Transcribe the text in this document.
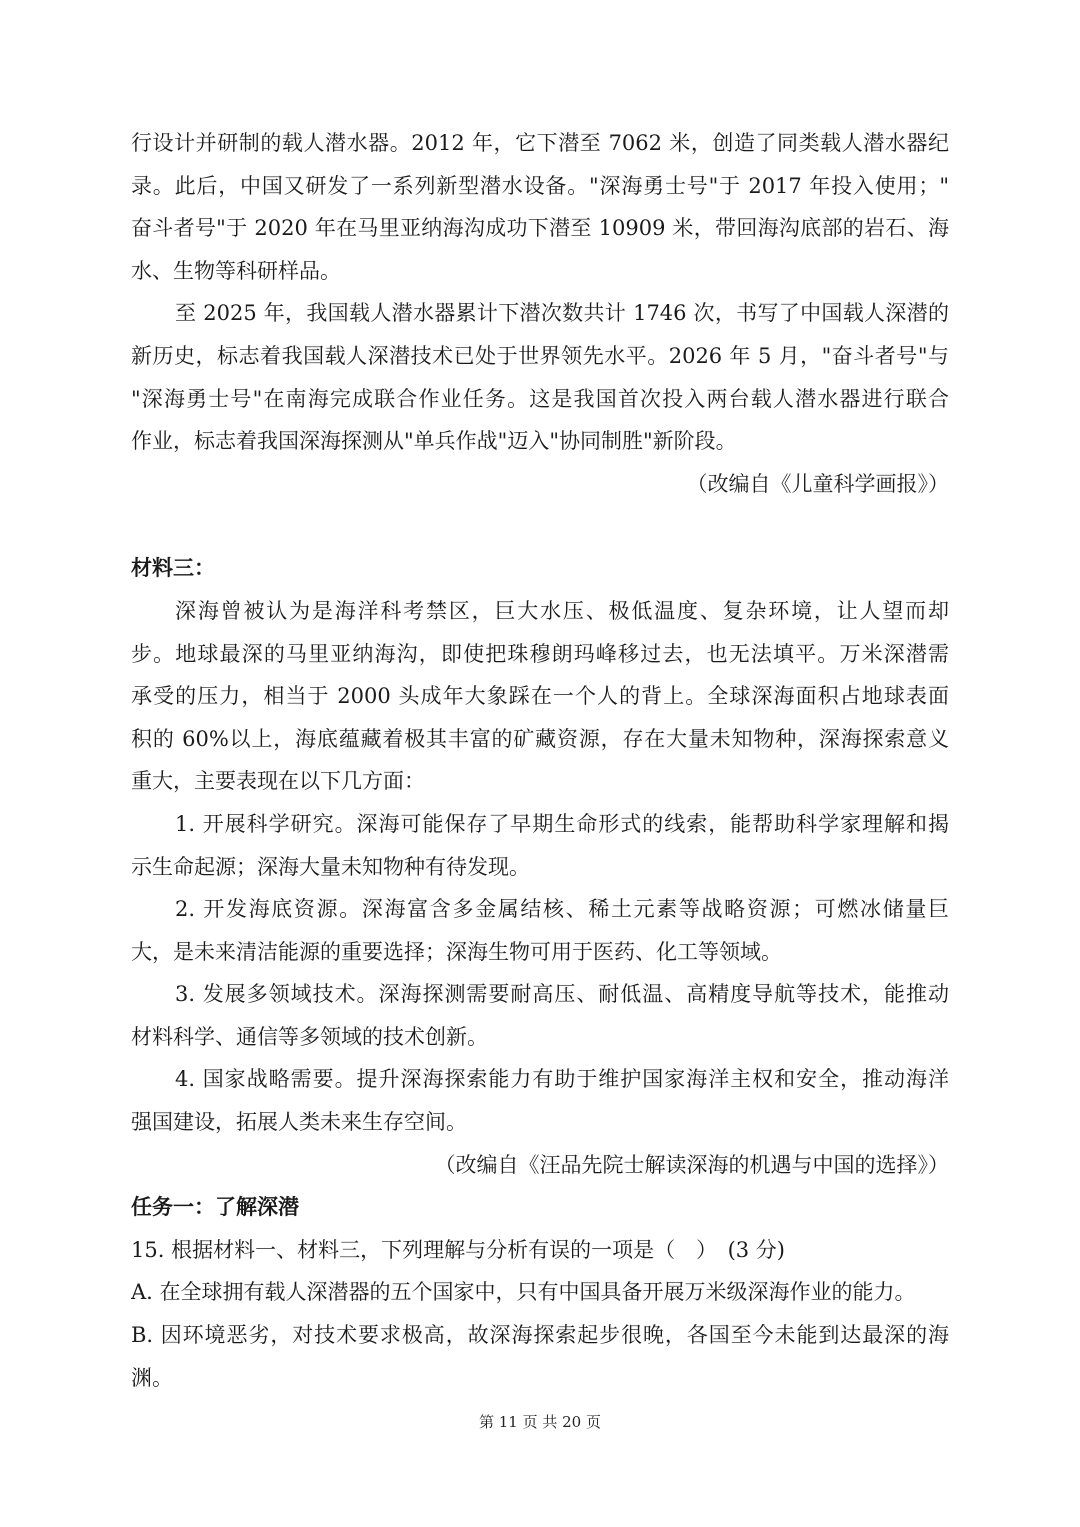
行设计并研制的载人潜水器。2012 年，它下潜至 7062 米，创造了同类载人潜水器纪
录。此后，中国又研发了一系列新型潜水设备。"深海勇士号"于 2017 年投入使用；"
奋斗者号"于 2020 年在马里亚纳海沟成功下潜至 10909 米，带回海沟底部的岩石、海
水、生物等科研样品。
至 2025 年，我国载人潜水器累计下潜次数共计 1746 次，书写了中国载人深潜的
新历史，标志着我国载人深潜技术已处于世界领先水平。2026 年 5 月，"奋斗者号"与
"深海勇士号"在南海完成联合作业任务。这是我国首次投入两台载人潜水器进行联合
作业，标志着我国深海探测从"单兵作战"迈入"协同制胜"新阶段。
（改编自《儿童科学画报》）
材料三：
深海曾被认为是海洋科考禁区，巨大水压、极低温度、复杂环境，让人望而却
步。地球最深的马里亚纳海沟，即使把珠穆朗玛峰移过去，也无法填平。万米深潜需
承受的压力，相当于 2000 头成年大象踩在一个人的背上。全球深海面积占地球表面
积的 60%以上，海底蕴藏着极其丰富的矿藏资源，存在大量未知物种，深海探索意义
重大，主要表现在以下几方面：
1. 开展科学研究。深海可能保存了早期生命形式的线索，能帮助科学家理解和揭
示生命起源；深海大量未知物种有待发现。
2. 开发海底资源。深海富含多金属结核、稀土元素等战略资源；可燃冰储量巨
大，是未来清洁能源的重要选择；深海生物可用于医药、化工等领域。
3. 发展多领域技术。深海探测需要耐高压、耐低温、高精度导航等技术，能推动
材料科学、通信等多领域的技术创新。
4. 国家战略需要。提升深海探索能力有助于维护国家海洋主权和安全，推动海洋
强国建设，拓展人类未来生存空间。
（改编自《汪品先院士解读深海的机遇与中国的选择》）
任务一：了解深潜
15. 根据材料一、材料三，下列理解与分析有误的一项是（　）　(3 分)
A. 在全球拥有载人深潜器的五个国家中，只有中国具备开展万米级深海作业的能力。
B. 因环境恶劣，对技术要求极高，故深海探索起步很晚，各国至今未能到达最深的海
渊。
第 11 页 共 20 页
